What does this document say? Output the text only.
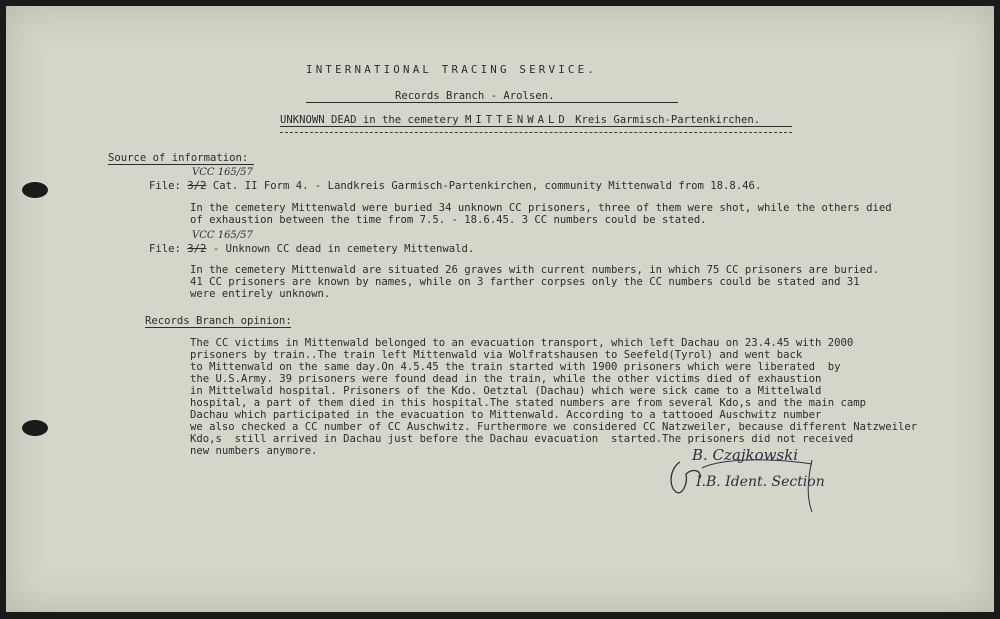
INTERNATIONAL TRACING SERVICE.
Records Branch - Arolsen.
UNKNOWN DEAD in the cemetery MITTENWALD Kreis Garmisch-Partenkirchen.
Source of information:
VCC 165/57
File: 3/2 Cat. II Form 4. - Landkreis Garmisch-Partenkirchen, community Mittenwald from 18.8.46.
In the cemetery Mittenwald were buried 34 unknown CC prisoners, three of them were shot, while the others died
of exhaustion between the time from 7.5. - 18.6.45. 3 CC numbers could be stated.
VCC 165/57
File: 3/2 - Unknown CC dead in cemetery Mittenwald.
In the cemetery Mittenwald are situated 26 graves with current numbers, in which 75 CC prisoners are buried.
41 CC prisoners are known by names, while on 3 farther corpses only the CC numbers could be stated and 31
were entirely unknown.
Records Branch opinion:
The CC victims in Mittenwald belonged to an evacuation transport, which left Dachau on 23.4.45 with 2000
prisoners by train..The train left Mittenwald via Wolfratshausen to Seefeld(Tyrol) and went back
to Mittenwald on the same day.On 4.5.45 the train started with 1900 prisoners which were liberated  by
the U.S.Army. 39 prisoners were found dead in the train, while the other victims died of exhaustion
in Mittelwald hospital. Prisoners of the Kdo. Oetztal (Dachau) which were sick came to a Mittelwald
hospital, a part of them died in this hospital.The stated numbers are from several Kdo,s and the main camp
Dachau which participated in the evacuation to Mittenwald. According to a tattooed Auschwitz number
we also checked a CC number of CC Auschwitz. Furthermore we considered CC Natzweiler, because different Natzweiler
Kdo,s  still arrived in Dachau just before the Dachau evacuation  started.The prisoners did not received
new numbers anymore.	B. Czajkowski
I.B. Ident. Section
